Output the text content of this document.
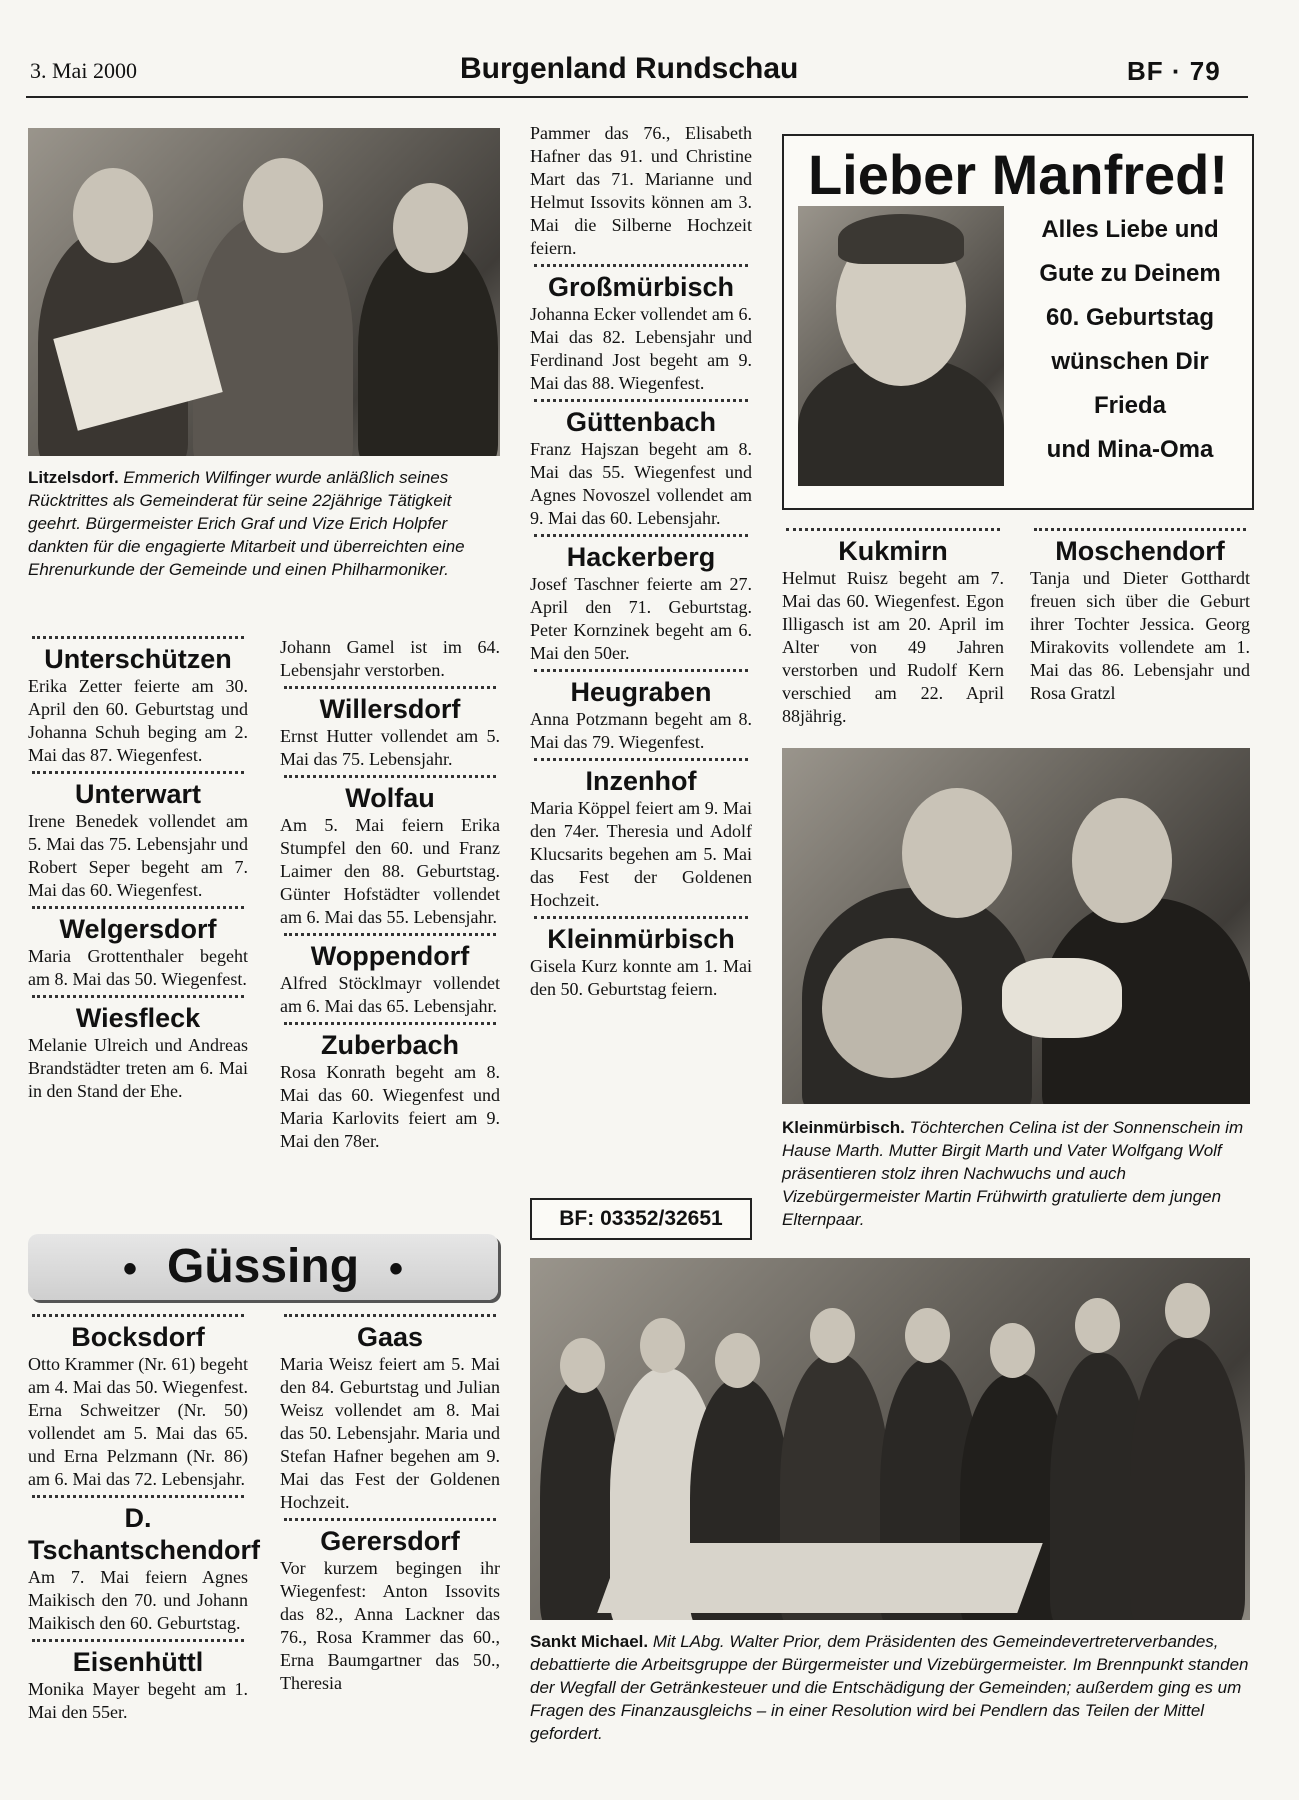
3. Mai 2000	Burgenland Rundschau	BF · 79
Litzelsdorf. Emmerich Wilfinger wurde anläßlich seines Rücktrittes als Gemeinderat für seine 22jährige Tätigkeit geehrt. Bürgermeister Erich Graf und Vize Erich Holpfer dankten für die engagierte Mitarbeit und überreichten eine Ehrenurkunde der Gemeinde und einen Philharmoniker.
Unterschützen

Erika Zetter feierte am 30. April den 60. Geburtstag und Johanna Schuh beging am 2. Mai das 87. Wiegenfest.

Unterwart

Irene Benedek vollendet am 5. Mai das 75. Lebensjahr und Robert Seper begeht am 7. Mai das 60. Wiegenfest.

Welgersdorf

Maria Grottenthaler begeht am 8. Mai das 50. Wiegenfest.

Wiesfleck

Melanie Ulreich und Andreas Brandstädter treten am 6. Mai in den Stand der Ehe.

Johann Gamel ist im 64. Lebensjahr verstorben.

Willersdorf

Ernst Hutter vollendet am 5. Mai das 75. Lebensjahr.

Wolfau

Am 5. Mai feiern Erika Stumpfel den 60. und Franz Laimer den 88. Geburtstag. Günter Hofstädter vollendet am 6. Mai das 55. Lebensjahr.

Woppendorf

Alfred Stöcklmayr vollendet am 6. Mai das 65. Lebensjahr.

Zuberbach

Rosa Konrath begeht am 8. Mai das 60. Wiegenfest und Maria Karlovits feiert am 9. Mai den 78er.

Pammer das 76., Elisabeth Hafner das 91. und Christine Mart das 71. Marianne und Helmut Issovits können am 3. Mai die Silberne Hochzeit feiern.

Großmürbisch

Johanna Ecker vollendet am 6. Mai das 82. Lebensjahr und Ferdinand Jost begeht am 9. Mai das 88. Wiegenfest.

Güttenbach

Franz Hajszan begeht am 8. Mai das 55. Wiegenfest und Agnes Novoszel vollendet am 9. Mai das 60. Lebensjahr.

Hackerberg

Josef Taschner feierte am 27. April den 71. Geburtstag. Peter Kornzinek begeht am 6. Mai den 50er.

Heugraben

Anna Potzmann begeht am 8. Mai das 79. Wiegenfest.

Inzenhof

Maria Köppel feiert am 9. Mai den 74er. Theresia und Adolf Klucsarits begehen am 5. Mai das Fest der Goldenen Hochzeit.

Kleinmürbisch

Gisela Kurz konnte am 1. Mai den 50. Geburtstag feiern.

BF: 03352/32651
Lieber Manfred!
Alles Liebe und
Gute zu Deinem
60. Geburtstag
wünschen Dir
Frieda
und Mina-Oma
Kukmirn

Helmut Ruisz begeht am 7. Mai das 60. Wiegenfest. Egon Illigasch ist am 20. April im Alter von 49 Jahren verstorben und Rudolf Kern verschied am 22. April 88jährig.

Moschendorf

Tanja und Dieter Gotthardt freuen sich über die Geburt ihrer Tochter Jessica. Georg Mirakovits vollendete am 1. Mai das 86. Lebensjahr und Rosa Gratzl

Kleinmürbisch. Töchterchen Celina ist der Sonnenschein im Hause Marth. Mutter Birgit Marth und Vater Wolfgang Wolf präsentieren stolz ihren Nachwuchs und auch Vizebürgermeister Martin Frühwirth gratulierte dem jungen Elternpaar.
• Güssing •
Bocksdorf

Otto Krammer (Nr. 61) begeht am 4. Mai das 50. Wiegenfest. Erna Schweitzer (Nr. 50) vollendet am 5. Mai das 65. und Erna Pelzmann (Nr. 86) am 6. Mai das 72. Lebensjahr.

D. Tschantschendorf

Am 7. Mai feiern Agnes Maikisch den 70. und Johann Maikisch den 60. Geburtstag.

Eisenhüttl

Monika Mayer begeht am 1. Mai den 55er.

Gaas

Maria Weisz feiert am 5. Mai den 84. Geburtstag und Julian Weisz vollendet am 8. Mai das 50. Lebensjahr. Maria und Stefan Hafner begehen am 9. Mai das Fest der Goldenen Hochzeit.

Gerersdorf

Vor kurzem begingen ihr Wiegenfest: Anton Issovits das 82., Anna Lackner das 76., Rosa Krammer das 60., Erna Baumgartner das 50., Theresia

Sankt Michael. Mit LAbg. Walter Prior, dem Präsidenten des Gemeindevertreterverbandes, debattierte die Arbeitsgruppe der Bürgermeister und Vizebürgermeister. Im Brennpunkt standen der Wegfall der Getränkesteuer und die Entschädigung der Gemeinden; außerdem ging es um Fragen des Finanzausgleichs – in einer Resolution wird bei Pendlern das Teilen der Mittel gefordert.
